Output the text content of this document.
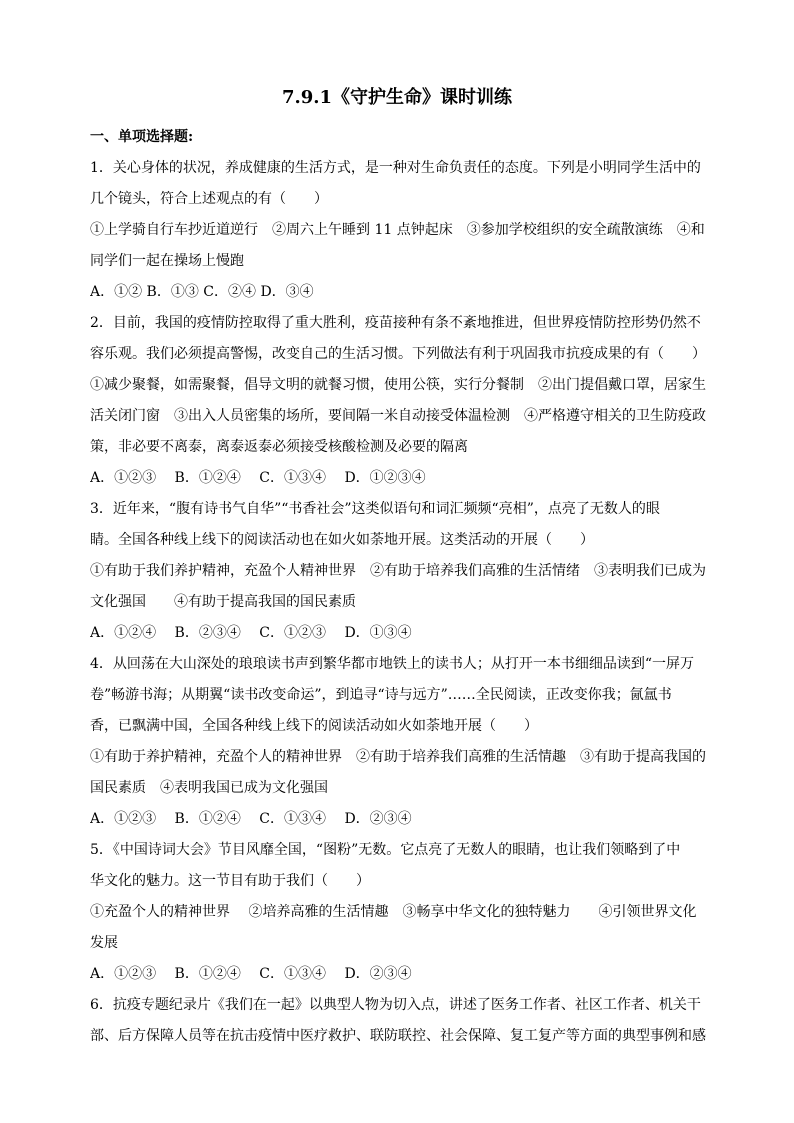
7.9.1《守护生命》课时训练
一、单项选择题:
1．关心身体的状况，养成健康的生活方式，是一种对生命负责任的态度。下列是小明同学生活中的
几个镜头，符合上述观点的有（　　）
①上学骑自行车抄近道逆行　②周六上午睡到 11 点钟起床　③参加学校组织的安全疏散演练　④和
同学们一起在操场上慢跑
A．①② B．①③ C．②④ D．③④
2．目前，我国的疫情防控取得了重大胜利，疫苗接种有条不紊地推进，但世界疫情防控形势仍然不
容乐观。我们必须提高警惕，改变自己的生活习惯。下列做法有利于巩固我市抗疫成果的有（　　）
①减少聚餐，如需聚餐，倡导文明的就餐习惯，使用公筷，实行分餐制　②出门提倡戴口罩，居家生
活关闭门窗　③出入人员密集的场所，要间隔一米自动接受体温检测　④严格遵守相关的卫生防疫政
策，非必要不离泰，离泰返泰必须接受核酸检测及必要的隔离
A．①②③　 B．①②④　 C．①③④　 D．①②③④
3．近年来，“腹有诗书气自华”“书香社会”这类似语句和词汇频频“亮相”，点亮了无数人的眼
睛。全国各种线上线下的阅读活动也在如火如荼地开展。这类活动的开展（　　）
①有助于我们养护精神，充盈个人精神世界　②有助于培养我们高雅的生活情绪　③表明我们已成为
文化强国　　④有助于提高我国的国民素质
A．①②④　 B．②③④　 C．①②③　 D．①③④
4．从回荡在大山深处的琅琅读书声到繁华都市地铁上的读书人；从打开一本书细细品读到“一屏万
卷”畅游书海；从期翼“读书改变命运”，到追寻“诗与远方”……全民阅读，正改变你我；氤氲书
香，已飘满中国，全国各种线上线下的阅读活动如火如荼地开展（　　）
①有助于养护精神，充盈个人的精神世界　②有助于培养我们高雅的生活情趣　③有助于提高我国的
国民素质　④表明我国已成为文化强国
A．①②③　 B．①②④　 C．①③④　 D．②③④
5．《中国诗词大会》节目风靡全国，“图粉”无数。它点亮了无数人的眼睛，也让我们领略到了中
华文化的魅力。这一节目有助于我们（　　）
①充盈个人的精神世界　 ②培养高雅的生活情趣　③畅享中华文化的独特魅力　　④引领世界文化
发展
A．①②③　 B．①②④　 C．①③④　 D．②③④
6．抗疫专题纪录片《我们在一起》以典型人物为切入点，讲述了医务工作者、社区工作者、机关干
部、后方保障人员等在抗击疫情中医疗救护、联防联控、社会保障、复工复产等方面的典型事例和感
